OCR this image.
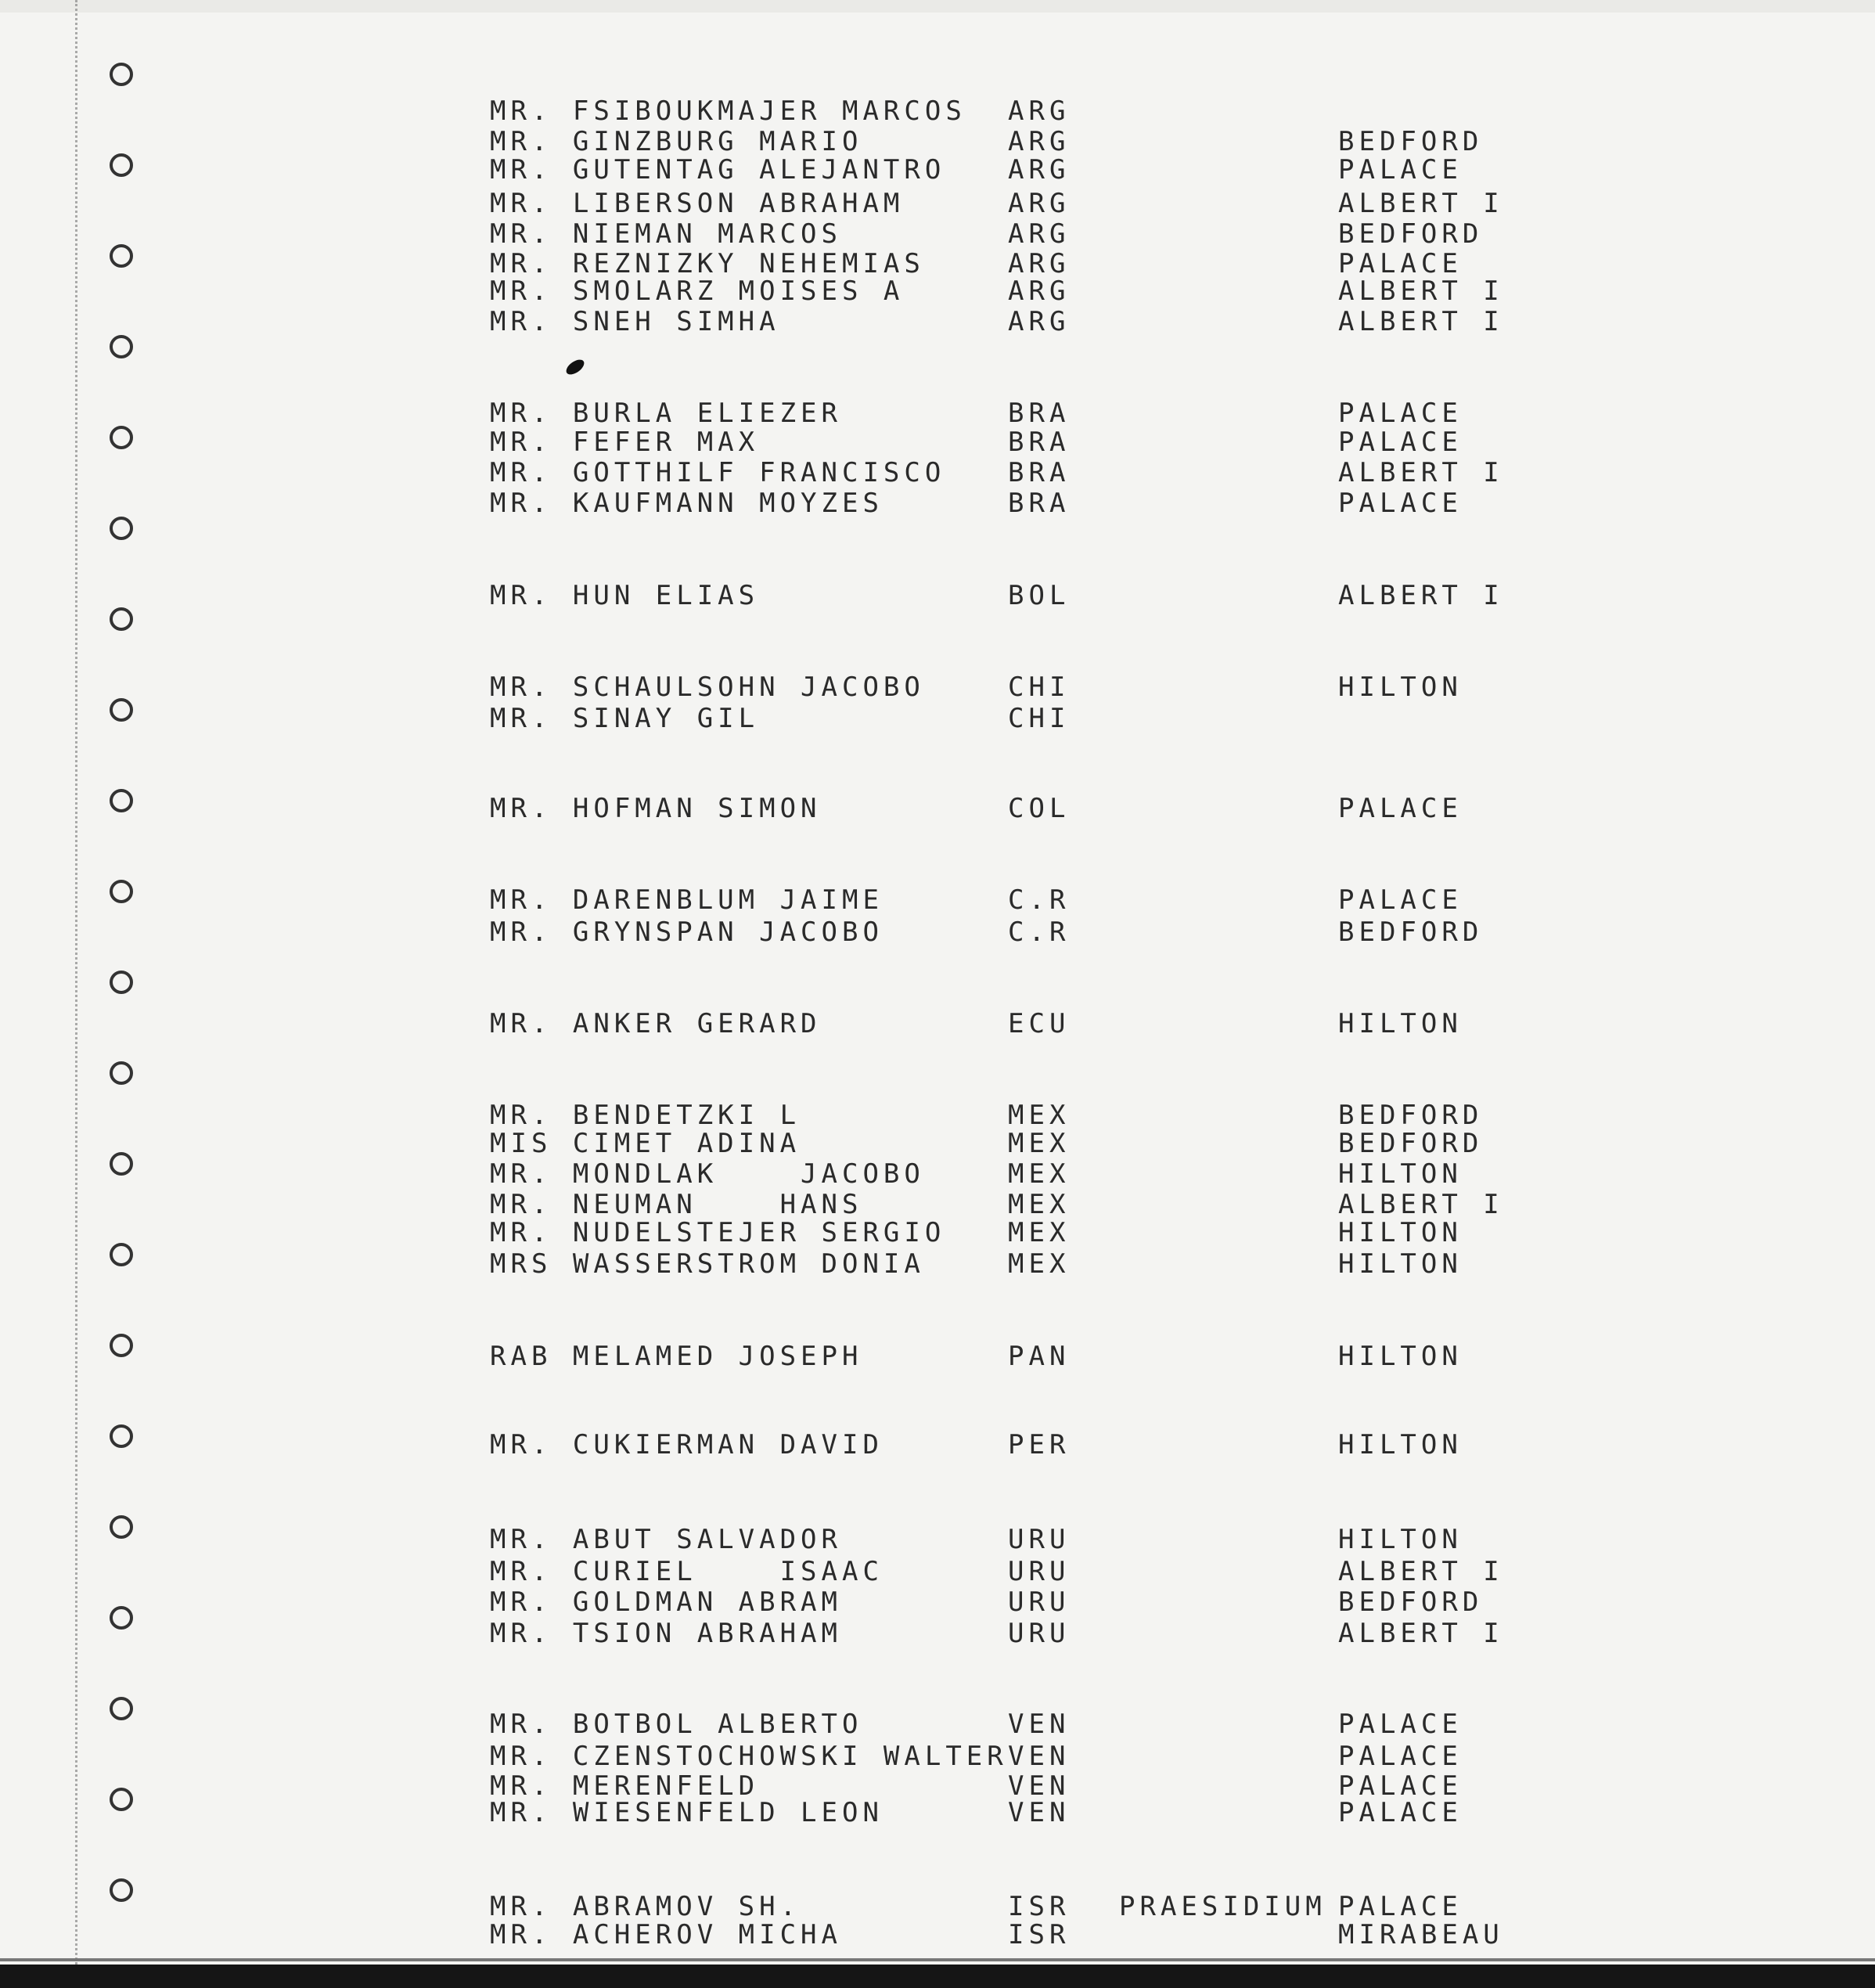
MR. FSIBOUKMAJER MARCOS ARG
MR. GINZBURG MARIO	ARG	BEDFORD
MR. GUTENTAG ALEJANTRO ARG	PALACE
MR. LIBERSON ABRAHAM	ARG	ALBERT I
MR. NIEMAN MARCOS	ARG	BEDFORD
MR. REZNIZKY NEHEMIAS	ARG	PALACE
MR. SMOLARZ MOISES A	ARG	ALBERT I
MR. SNEH SIMHA	ARG	ALBERT I
MR. BURLA ELIEZER	BRA	PALACE
MR. FEFER MAX	BRA	PALACE
MR. GOTTHILF FRANCISCO BRA	ALBERT I
MR. KAUFMANN MOYZES	BRA	PALACE
MR. HUN ELIAS	BOL	ALBERT I
MR. SCHAULSOHN JACOBO	CHI	HILTON
MR. SINAY GIL	CHI
MR. HOFMAN SIMON	COL	PALACE
MR. DARENBLUM JAIME	C.R	PALACE
MR. GRYNSPAN JACOBO	C.R	BEDFORD
MR. ANKER GERARD	ECU	HILTON
MR. BENDETZKI L	MEX	BEDFORD
MIS CIMET ADINA	MEX	BEDFORD
MR. MONDLAK    JACOBO	MEX	HILTON
MR. NEUMAN    HANS	MEX	ALBERT I
MR. NUDELSTEJER SERGIO MEX	HILTON
MRS WASSERSTROM DONIA	MEX	HILTON
RAB MELAMED JOSEPH	PAN	HILTON
MR. CUKIERMAN DAVID	PER	HILTON
MR. ABUT SALVADOR	URU	HILTON
MR. CURIEL    ISAAC	URU	ALBERT I
MR. GOLDMAN ABRAM	URU	BEDFORD
MR. TSION ABRAHAM	URU	ALBERT I
MR. BOTBOL ALBERTO	VEN	PALACE
MR. CZENSTOCHOWSKI WALTER VEN	PALACE
MR. MERENFELD	VEN	PALACE
MR. WIESENFELD LEON	VEN	PALACE
MR. ABRAMOV SH.	ISR PRAESIDIUM PALACE
MR. ACHEROV MICHA	ISR	MIRABEAU
